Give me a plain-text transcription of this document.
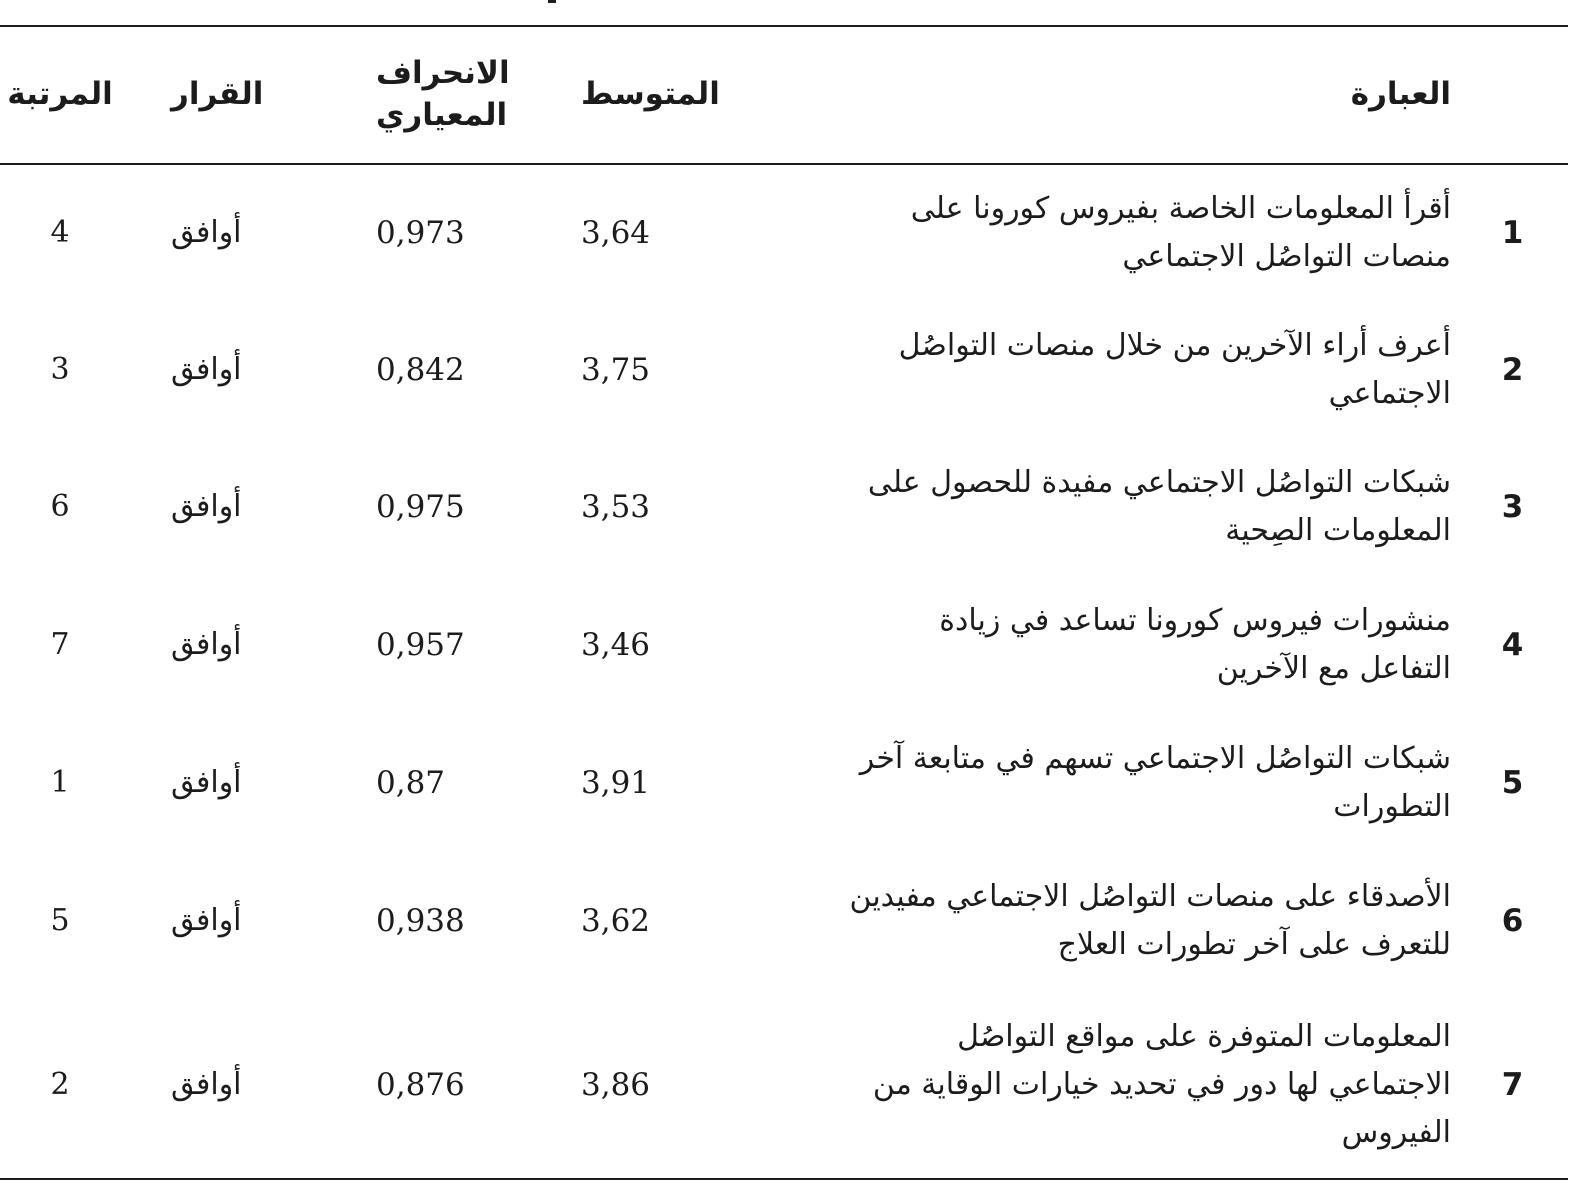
	العبارة	المتوسط	الانحراف المعياري	القرار	المرتبة
1	أقرأ المعلومات الخاصة بفيروس كورونا على منصات التواصُل الاجتماعي	3,64	0,973	أوافق	4
2	أعرف أراء الآخرين من خلال منصات التواصُل الاجتماعي	3,75	0,842	أوافق	3
3	شبكات التواصُل الاجتماعي مفيدة للحصول على المعلومات الصِحية	3,53	0,975	أوافق	6
4	منشورات فيروس كورونا تساعد في زيادة التفاعل مع الآخرين	3,46	0,957	أوافق	7
5	شبكات التواصُل الاجتماعي تسهم في متابعة آخر التطورات	3,91	0,87	أوافق	1
6	الأصدقاء على منصات التواصُل الاجتماعي مفيدين للتعرف على آخر تطورات العلاج	3,62	0,938	أوافق	5
7	المعلومات المتوفرة على مواقع التواصُل الاجتماعي لها دور في تحديد خيارات الوقاية من الفيروس	3,86	0,876	أوافق	2
